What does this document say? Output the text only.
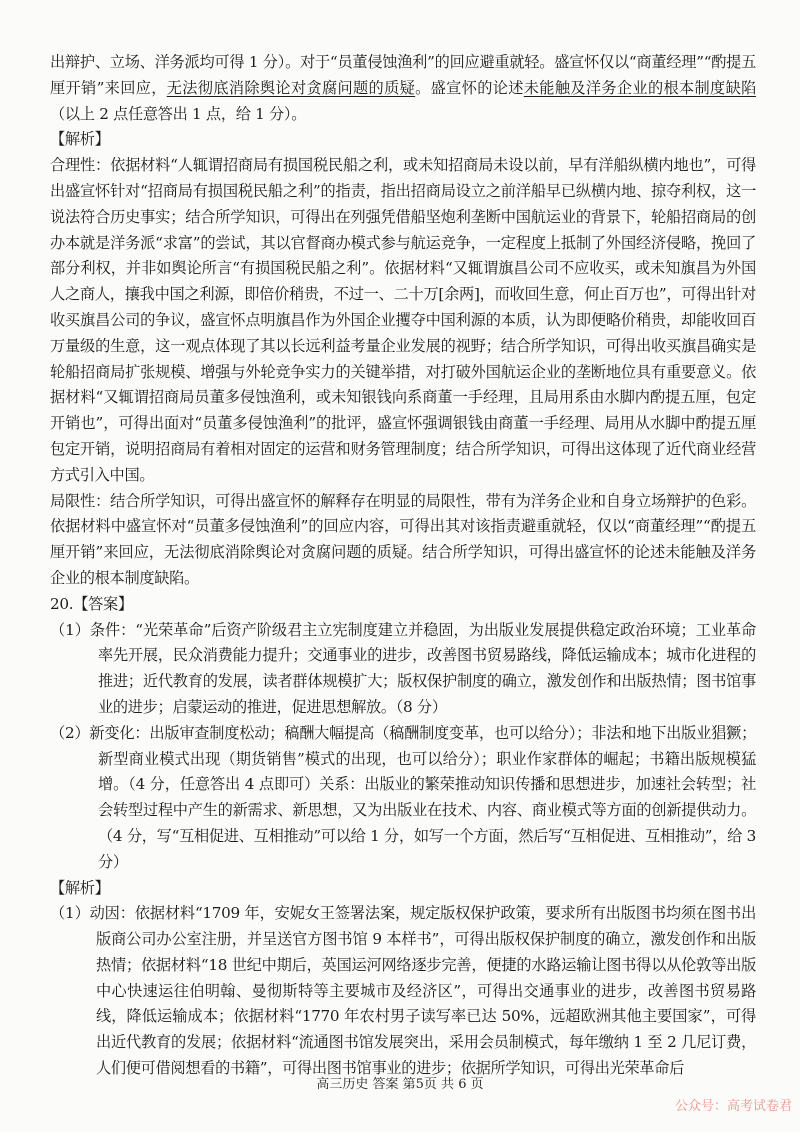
出辩护、立场、洋务派均可得 1 分）。对于“员董侵蚀渔利”的回应避重就轻。盛宣怀仅以“商董经理”“酌提五厘开销”来回应，无法彻底消除舆论对贪腐问题的质疑。盛宣怀的论述未能触及洋务企业的根本制度缺陷（以上 2 点任意答出 1 点，给 1 分）。

【解析】

合理性：依据材料“人辄谓招商局有损国税民船之利，或未知招商局未设以前，早有洋船纵横内地也”，可得出盛宣怀针对“招商局有损国税民船之利”的指责，指出招商局设立之前洋船早已纵横内地、掠夺利权，这一说法符合历史事实；结合所学知识，可得出在列强凭借船坚炮利垄断中国航运业的背景下，轮船招商局的创办本就是洋务派“求富”的尝试，其以官督商办模式参与航运竞争，一定程度上抵制了外国经济侵略，挽回了部分利权，并非如舆论所言“有损国税民船之利”。依据材料“又辄谓旗昌公司不应收买，或未知旗昌为外国人之商人，攘我中国之利源，即倍价稍贵，不过一、二十万[余两]，而收回生意，何止百万也”，可得出针对收买旗昌公司的争议，盛宣怀点明旗昌作为外国企业攫夺中国利源的本质，认为即便略价稍贵，却能收回百万量级的生意，这一观点体现了其以长远利益考量企业发展的视野；结合所学知识，可得出收买旗昌确实是轮船招商局扩张规模、增强与外轮竞争实力的关键举措，对打破外国航运企业的垄断地位具有重要意义。依据材料“又辄谓招商局员董多侵蚀渔利，或未知银钱向系商董一手经理，且局用系由水脚内酌提五厘，包定开销也”，可得出面对“员董多侵蚀渔利”的批评，盛宣怀强调银钱由商董一手经理、局用从水脚中酌提五厘包定开销，说明招商局有着相对固定的运营和财务管理制度；结合所学知识，可得出这体现了近代商业经营方式引入中国。

局限性：结合所学知识，可得出盛宣怀的解释存在明显的局限性，带有为洋务企业和自身立场辩护的色彩。依据材料中盛宣怀对“员董多侵蚀渔利”的回应内容，可得出其对该指责避重就轻，仅以“商董经理”“酌提五厘开销”来回应，无法彻底消除舆论对贪腐问题的质疑。结合所学知识，可得出盛宣怀的论述未能触及洋务企业的根本制度缺陷。

20.【答案】

（1）条件：“光荣革命”后资产阶级君主立宪制度建立并稳固，为出版业发展提供稳定政治环境；工业革命率先开展，民众消费能力提升；交通事业的进步，改善图书贸易路线，降低运输成本；城市化进程的推进；近代教育的发展，读者群体规模扩大；版权保护制度的确立，激发创作和出版热情；图书馆事业的进步；启蒙运动的推进，促进思想解放。（8 分）

（2）新变化：出版审查制度松动；稿酬大幅提高（稿酬制度变革，也可以给分）；非法和地下出版业猖獗；新型商业模式出现（期货销售”模式的出现，也可以给分）；职业作家群体的崛起；书籍出版规模猛增。（4 分，任意答出 4 点即可）关系：出版业的繁荣推动知识传播和思想进步，加速社会转型；社会转型过程中产生的新需求、新思想，又为出版业在技术、内容、商业模式等方面的创新提供动力。（4 分，写“互相促进、互相推动”可以给 1 分，如写一个方面，然后写“互相促进、互相推动”，给 3 分）

【解析】

（1）动因：依据材料“1709 年，安妮女王签署法案，规定版权保护政策，要求所有出版图书均须在图书出版商公司办公室注册，并呈送官方图书馆 9 本样书”，可得出版权保护制度的确立，激发创作和出版热情；依据材料“18 世纪中期后，英国运河网络逐步完善，便捷的水路运输让图书得以从伦敦等出版中心快速运往伯明翰、曼彻斯特等主要城市及经济区”，可得出交通事业的进步，改善图书贸易路线，降低运输成本；依据材料“1770 年农村男子读写率已达 50%，远超欧洲其他主要国家”，可得出近代教育的发展；依据材料“流通图书馆发展突出，采用会员制模式，每年缴纳 1 至 2 几尼订费，人们便可借阅想看的书籍”，可得出图书馆事业的进步；依据所学知识，可得出光荣革命后

高三历史 答案 第5页 共 6 页
公众号：高考试卷君
